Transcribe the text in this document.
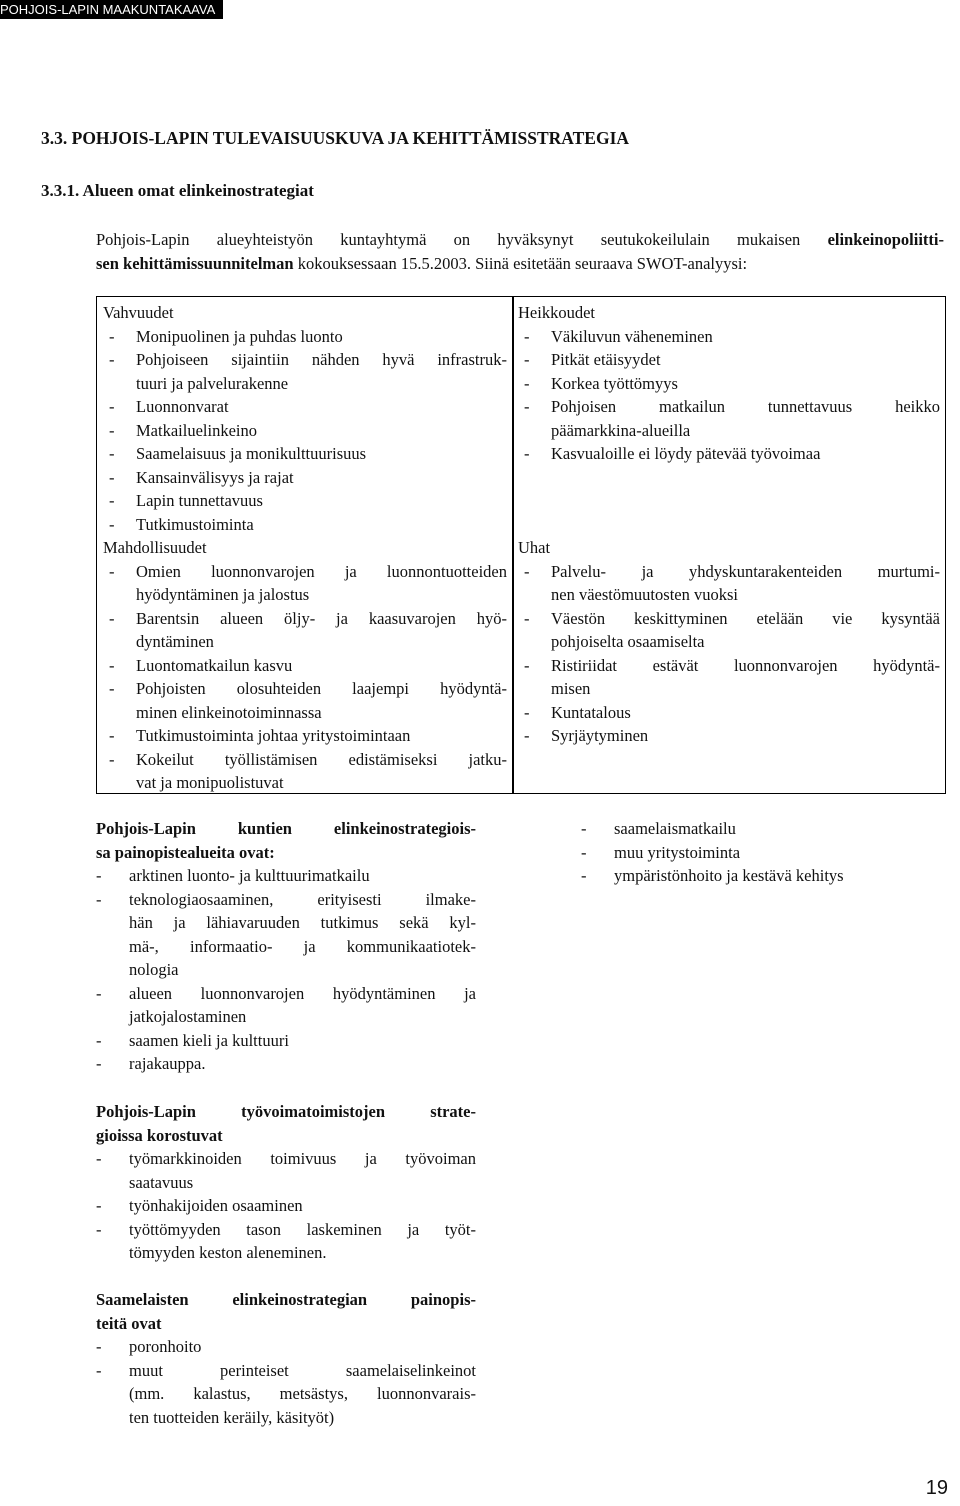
POHJOIS-LAPIN MAAKUNTAKAAVA
3.3. POHJOIS-LAPIN TULEVAISUUSKUVA JA KEHITTÄMISSTRATEGIA
3.3.1. Alueen omat elinkeinostrategiat
Pohjois-Lapin alueyhteistyön kuntayhtymä on hyväksynyt seutukokeilulain mukaisen elinkeinopoliitti-
sen kehittämissuunnitelman kokouksessaan 15.5.2003. Siinä esitetään seuraava SWOT-analyysi:
Vahvuudet
-	Monipuolinen ja puhdas luonto
-	Pohjoiseen sijaintiin nähden hyvä infrastruk-
tuuri ja palvelurakenne
-	Luonnonvarat
-	Matkailuelinkeino
-	Saamelaisuus ja monikulttuurisuus
-	Kansainvälisyys ja rajat
-	Lapin tunnettavuus
-	Tutkimustoiminta
Heikkoudet
-	Väkiluvun väheneminen
-	Pitkät etäisyydet
-	Korkea työttömyys
-	Pohjoisen matkailun tunnettavuus heikko
päämarkkina-alueilla
-	Kasvualoille ei löydy pätevää työvoimaa
Mahdollisuudet
-	Omien luonnonvarojen ja luonnontuotteiden
hyödyntäminen ja jalostus
-	Barentsin alueen öljy- ja kaasuvarojen hyö-
dyntäminen
-	Luontomatkailun kasvu
-	Pohjoisten olosuhteiden laajempi hyödyntä-
minen elinkeinotoiminnassa
-	Tutkimustoiminta johtaa yritystoimintaan
-	Kokeilut työllistämisen edistämiseksi jatku-
vat ja monipuolistuvat
Uhat
-	Palvelu- ja yhdyskuntarakenteiden murtumi-
nen väestömuutosten vuoksi
-	Väestön keskittyminen etelään vie kysyntää
pohjoiselta osaamiselta
-	Ristiriidat estävät luonnonvarojen hyödyntä-
misen
-	Kuntatalous
-	Syrjäytyminen
Pohjois-Lapin kuntien elinkeinostrategiois-
sa painopistealueita ovat:
-	arktinen luonto- ja kulttuurimatkailu
-	teknologiaosaaminen, erityisesti ilmake-
hän ja lähiavaruuden tutkimus sekä kyl-
mä-, informaatio- ja kommunikaatiotek-
nologia
-	alueen luonnonvarojen hyödyntäminen ja
jatkojalostaminen
-	saamen kieli ja kulttuuri
-	rajakauppa.
-	saamelaismatkailu
-	muu yritystoiminta
-	ympäristönhoito ja kestävä kehitys
Pohjois-Lapin työvoimatoimistojen strate-
gioissa korostuvat
-	työmarkkinoiden toimivuus ja työvoiman
saatavuus
-	työnhakijoiden osaaminen
-	työttömyyden tason laskeminen ja työt-
tömyyden keston aleneminen.
Saamelaisten elinkeinostrategian painopis-
teitä ovat
-	poronhoito
-	muut perinteiset saamelaiselinkeinot
(mm. kalastus, metsästys, luonnonvarais-
ten tuotteiden keräily, käsityöt)
19
